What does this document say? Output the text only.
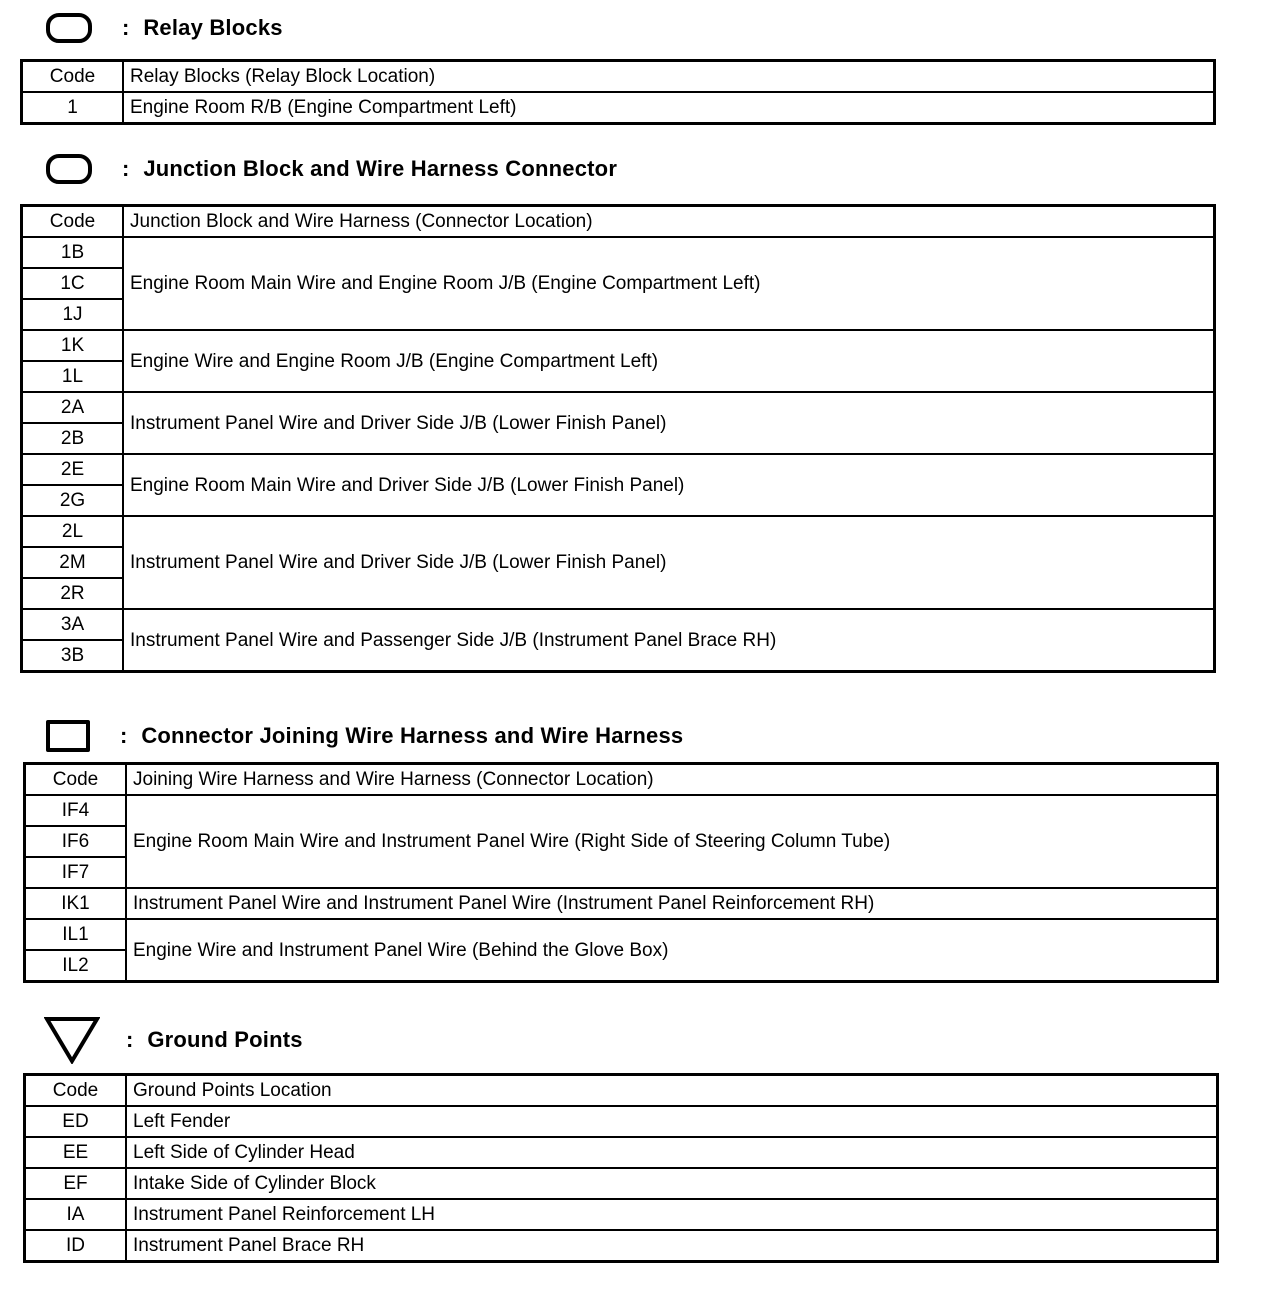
: Relay Blocks
Code	Relay Blocks (Relay Block Location)
1	Engine Room R/B (Engine Compartment Left)
: Junction Block and Wire Harness Connector
Code	Junction Block and Wire Harness (Connector Location)
1B	Engine Room Main Wire and Engine Room J/B (Engine Compartment Left)
1C	
1J	
1K	Engine Wire and Engine Room J/B (Engine Compartment Left)
1L	
2A	Instrument Panel Wire and Driver Side J/B (Lower Finish Panel)
2B	
2E	Engine Room Main Wire and Driver Side J/B (Lower Finish Panel)
2G	
2L	Instrument Panel Wire and Driver Side J/B (Lower Finish Panel)
2M	
2R	
3A	Instrument Panel Wire and Passenger Side J/B (Instrument Panel Brace RH)
3B	
: Connector Joining Wire Harness and Wire Harness
Code	Joining Wire Harness and Wire Harness (Connector Location)
IF4	Engine Room Main Wire and Instrument Panel Wire (Right Side of Steering Column Tube)
IF6	
IF7	
IK1	Instrument Panel Wire and Instrument Panel Wire (Instrument Panel Reinforcement RH)
IL1	Engine Wire and Instrument Panel Wire (Behind the Glove Box)
IL2	
: Ground Points
Code	Ground Points Location
ED	Left Fender
EE	Left Side of Cylinder Head
EF	Intake Side of Cylinder Block
IA	Instrument Panel Reinforcement LH
ID	Instrument Panel Brace RH
